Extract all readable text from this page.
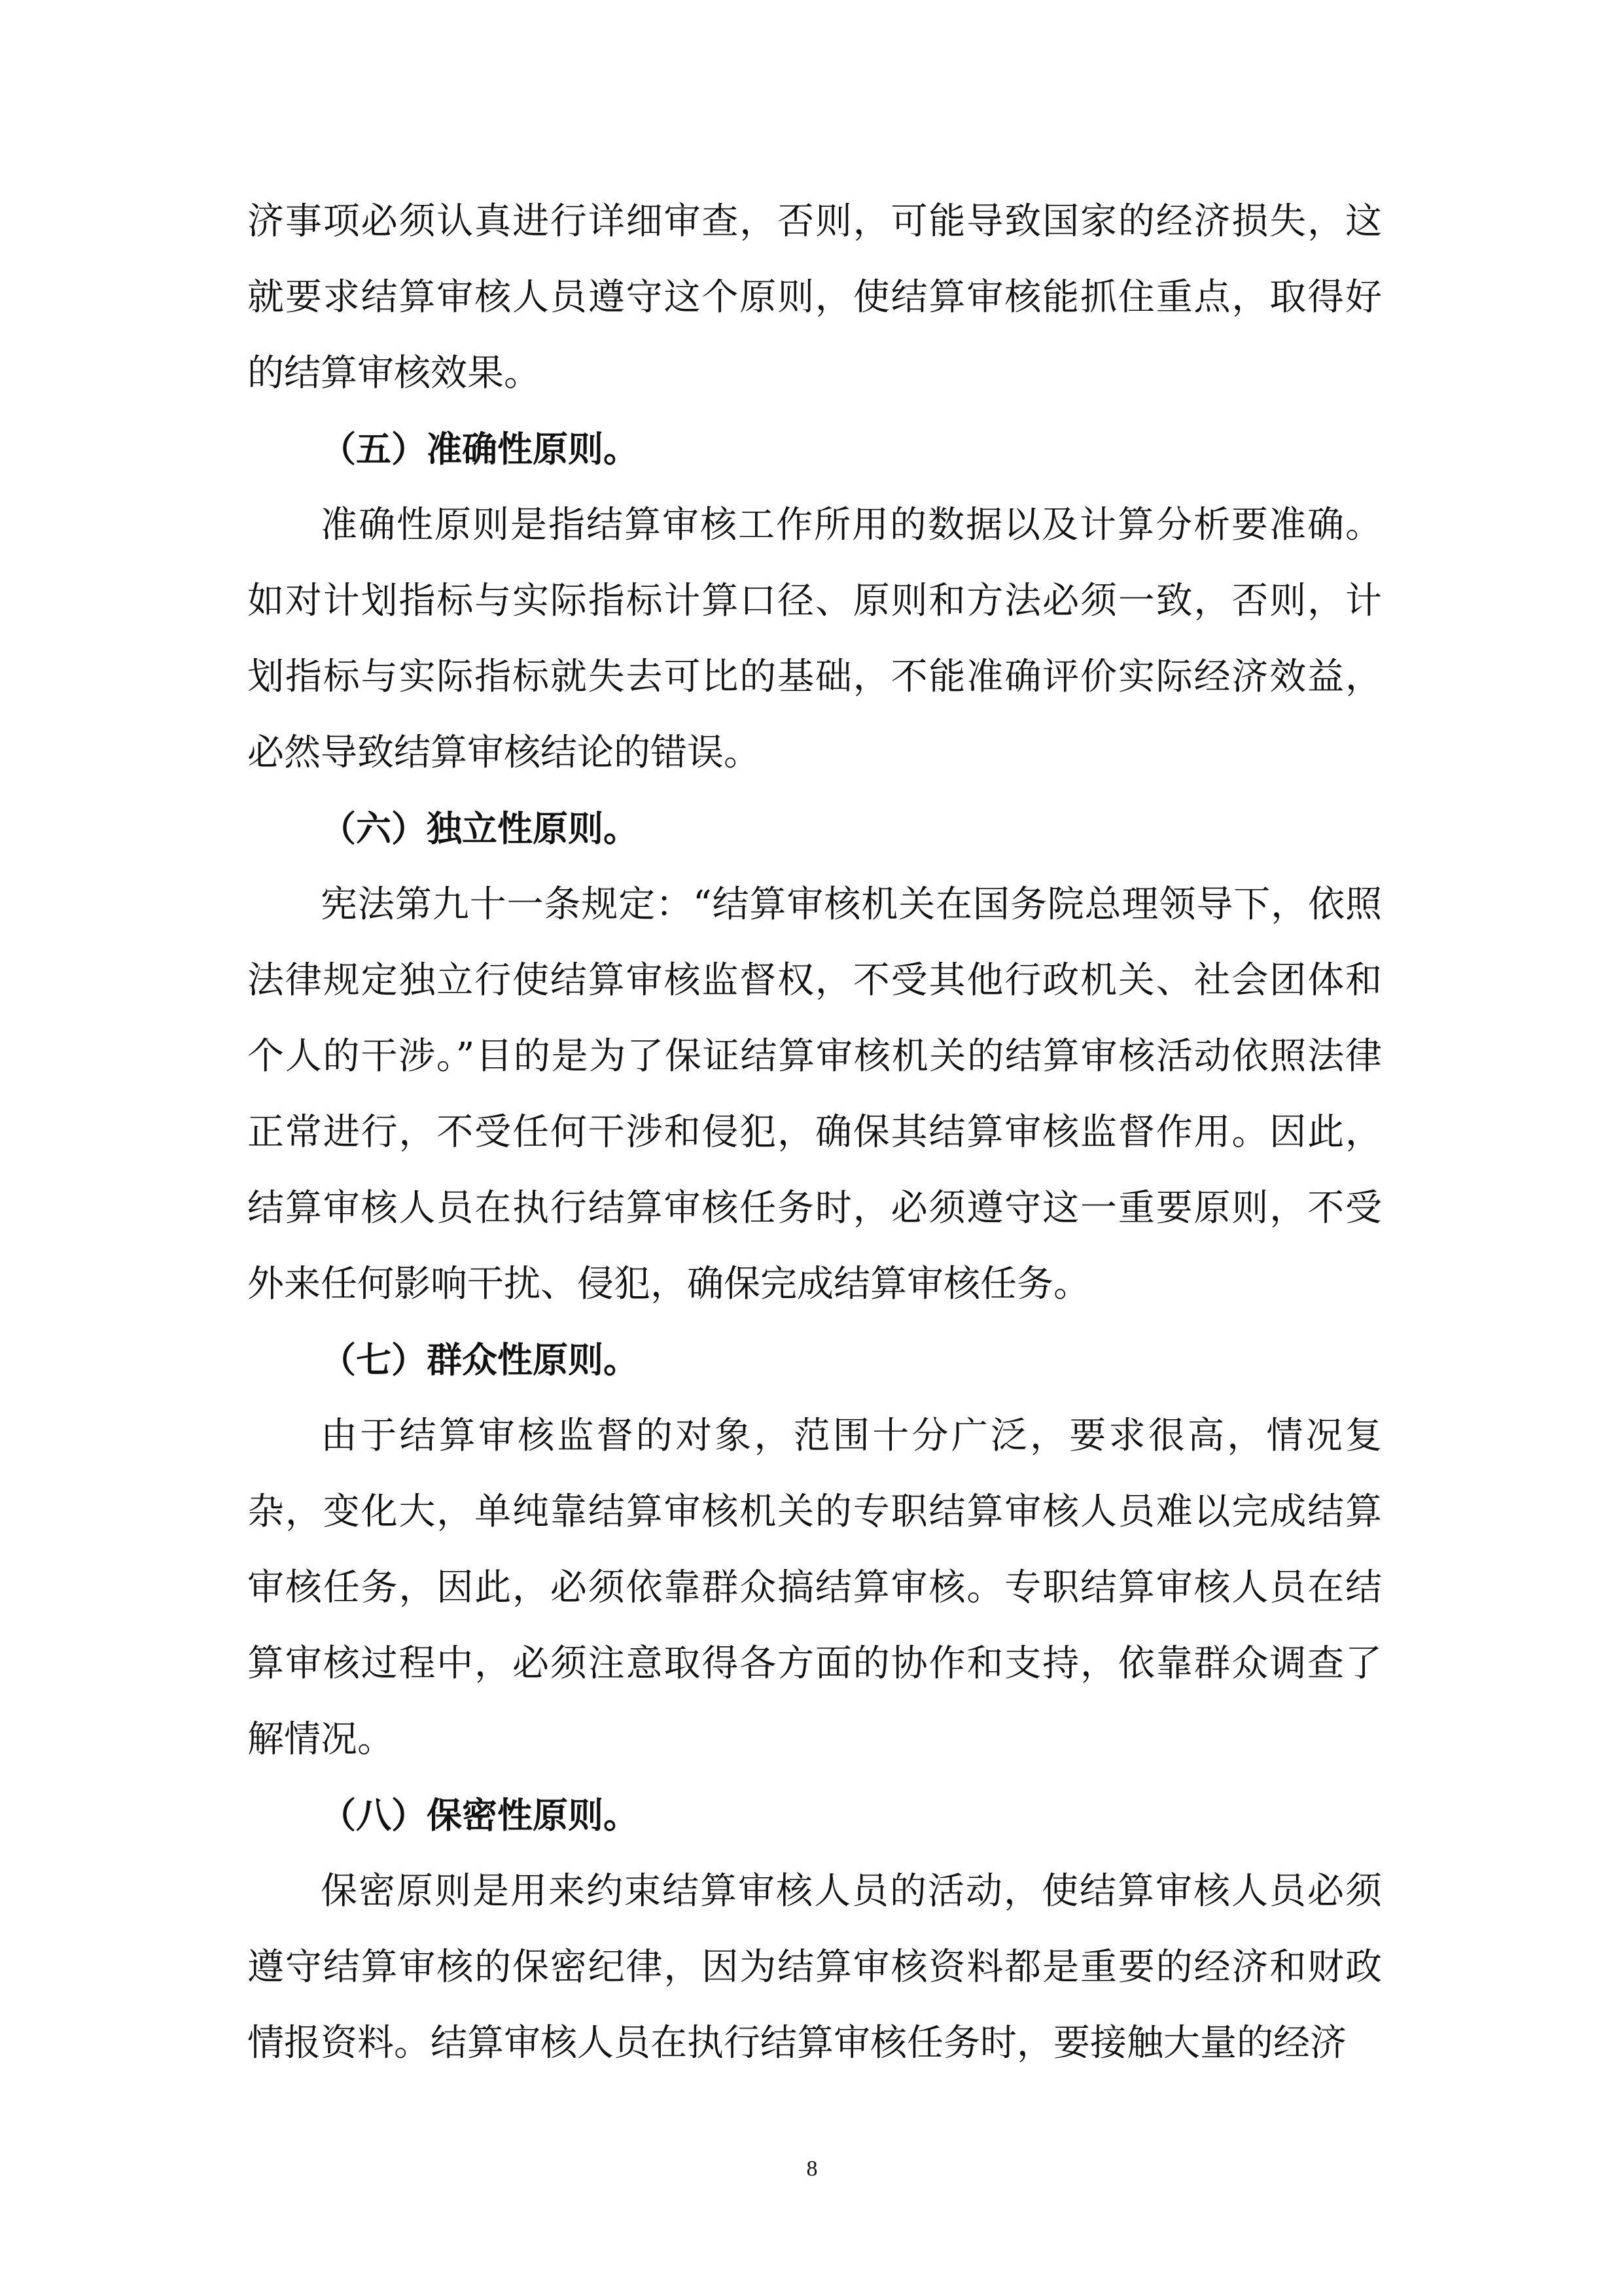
济事项必须认真进行详细审查，否则，可能导致国家的经济损失，这就要求结算审核人员遵守这个原则，使结算审核能抓住重点，取得好的结算审核效果。

（五）准确性原则。

准确性原则是指结算审核工作所用的数据以及计算分析要准确。如对计划指标与实际指标计算口径、原则和方法必须一致，否则，计划指标与实际指标就失去可比的基础，不能准确评价实际经济效益，必然导致结算审核结论的错误。

（六）独立性原则。

宪法第九十一条规定：“结算审核机关在国务院总理领导下，依照法律规定独立行使结算审核监督权，不受其他行政机关、社会团体和个人的干涉。”目的是为了保证结算审核机关的结算审核活动依照法律正常进行，不受任何干涉和侵犯，确保其结算审核监督作用。因此，结算审核人员在执行结算审核任务时，必须遵守这一重要原则，不受外来任何影响干扰、侵犯，确保完成结算审核任务。

（七）群众性原则。

由于结算审核监督的对象，范围十分广泛，要求很高，情况复杂，变化大，单纯靠结算审核机关的专职结算审核人员难以完成结算审核任务，因此，必须依靠群众搞结算审核。专职结算审核人员在结算审核过程中，必须注意取得各方面的协作和支持，依靠群众调查了解情况。

（八）保密性原则。

保密原则是用来约束结算审核人员的活动，使结算审核人员必须遵守结算审核的保密纪律，因为结算审核资料都是重要的经济和财政情报资料。结算审核人员在执行结算审核任务时，要接触大量的经济

8
